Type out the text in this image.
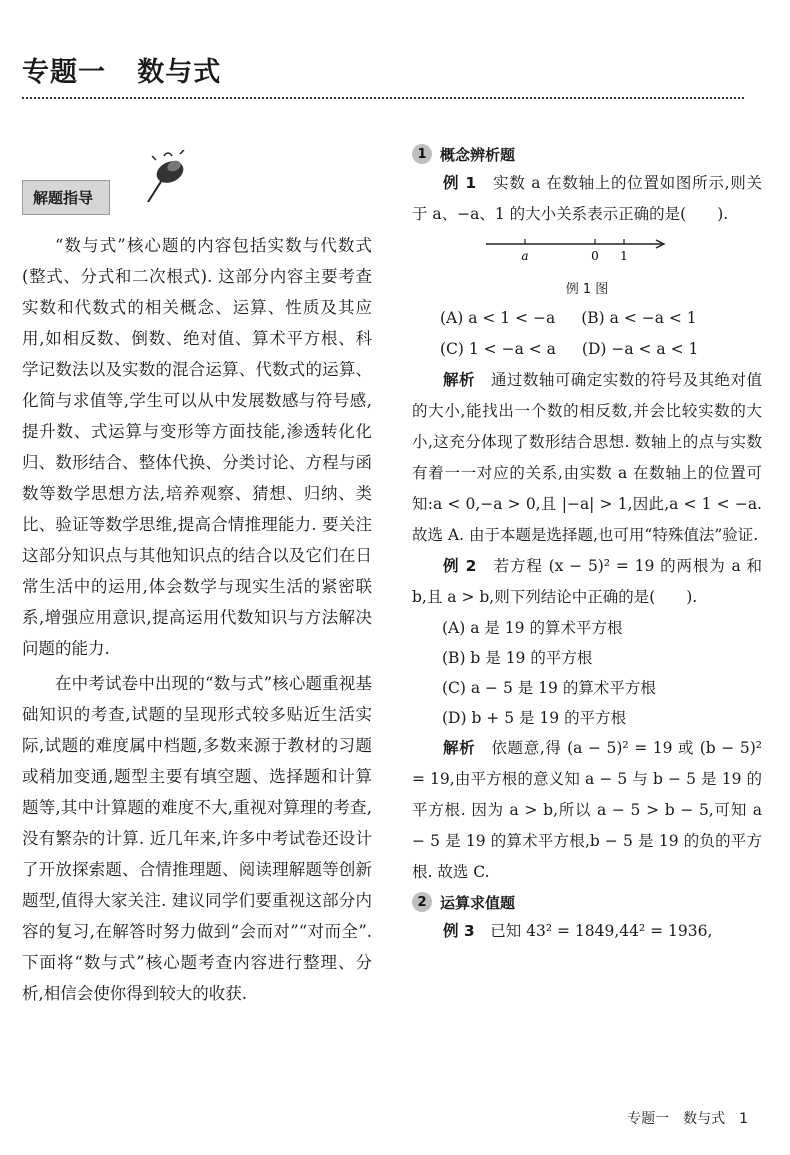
专题一   数与式
解题指导

“数与式”核心题的内容包括实数与代数式(整式、分式和二次根式). 这部分内容主要考查实数和代数式的相关概念、运算、性质及其应用,如相反数、倒数、绝对值、算术平方根、科学记数法以及实数的混合运算、代数式的运算、化简与求值等,学生可以从中发展数感与符号感,提升数、式运算与变形等方面技能,渗透转化化归、数形结合、整体代换、分类讨论、方程与函数等数学思想方法,培养观察、猜想、归纳、类比、验证等数学思维,提高合情推理能力. 要关注这部分知识点与其他知识点的结合以及它们在日常生活中的运用,体会数学与现实生活的紧密联系,增强应用意识,提高运用代数知识与方法解决问题的能力.

在中考试卷中出现的“数与式”核心题重视基础知识的考查,试题的呈现形式较多贴近生活实际,试题的难度属中档题,多数来源于教材的习题或稍加变通,题型主要有填空题、选择题和计算题等,其中计算题的难度不大,重视对算理的考查,没有繁杂的计算. 近几年来,许多中考试卷还设计了开放探索题、合情推理题、阅读理解题等创新题型,值得大家关注. 建议同学们要重视这部分内容的复习,在解答时努力做到“会而对”“对而全”. 下面将“数与式”核心题考查内容进行整理、分析,相信会使你得到较大的收获.

1 概念辨析题

例 1　 实数 a 在数轴上的位置如图所示,则关于 a、−a、1 的大小关系表示正确的是(　　).

a	0 1

例 1 图

(A) a < 1 < −a (B) a < −a < 1
(C) 1 < −a < a (D) −a < a < 1

解析　 通过数轴可确定实数的符号及其绝对值的大小,能找出一个数的相反数,并会比较实数的大小,这充分体现了数形结合思想. 数轴上的点与实数有着一一对应的关系,由实数 a 在数轴上的位置可知:a < 0,−a > 0,且 |−a| > 1,因此,a < 1 < −a. 故选 A. 由于本题是选择题,也可用“特殊值法”验证.

例 2　 若方程 (x − 5)² = 19 的两根为 a 和 b,且 a > b,则下列结论中正确的是(　　).

(A) a 是 19 的算术平方根
(B) b 是 19 的平方根
(C) a − 5 是 19 的算术平方根
(D) b + 5 是 19 的平方根

解析　 依题意,得 (a − 5)² = 19 或 (b − 5)² = 19,由平方根的意义知 a − 5 与 b − 5 是 19 的平方根. 因为 a > b,所以 a − 5 > b − 5,可知 a − 5 是 19 的算术平方根,b − 5 是 19 的负的平方根. 故选 C.

2 运算求值题

例 3　 已知 43² = 1849,44² = 1936,

专题一　数与式　1
